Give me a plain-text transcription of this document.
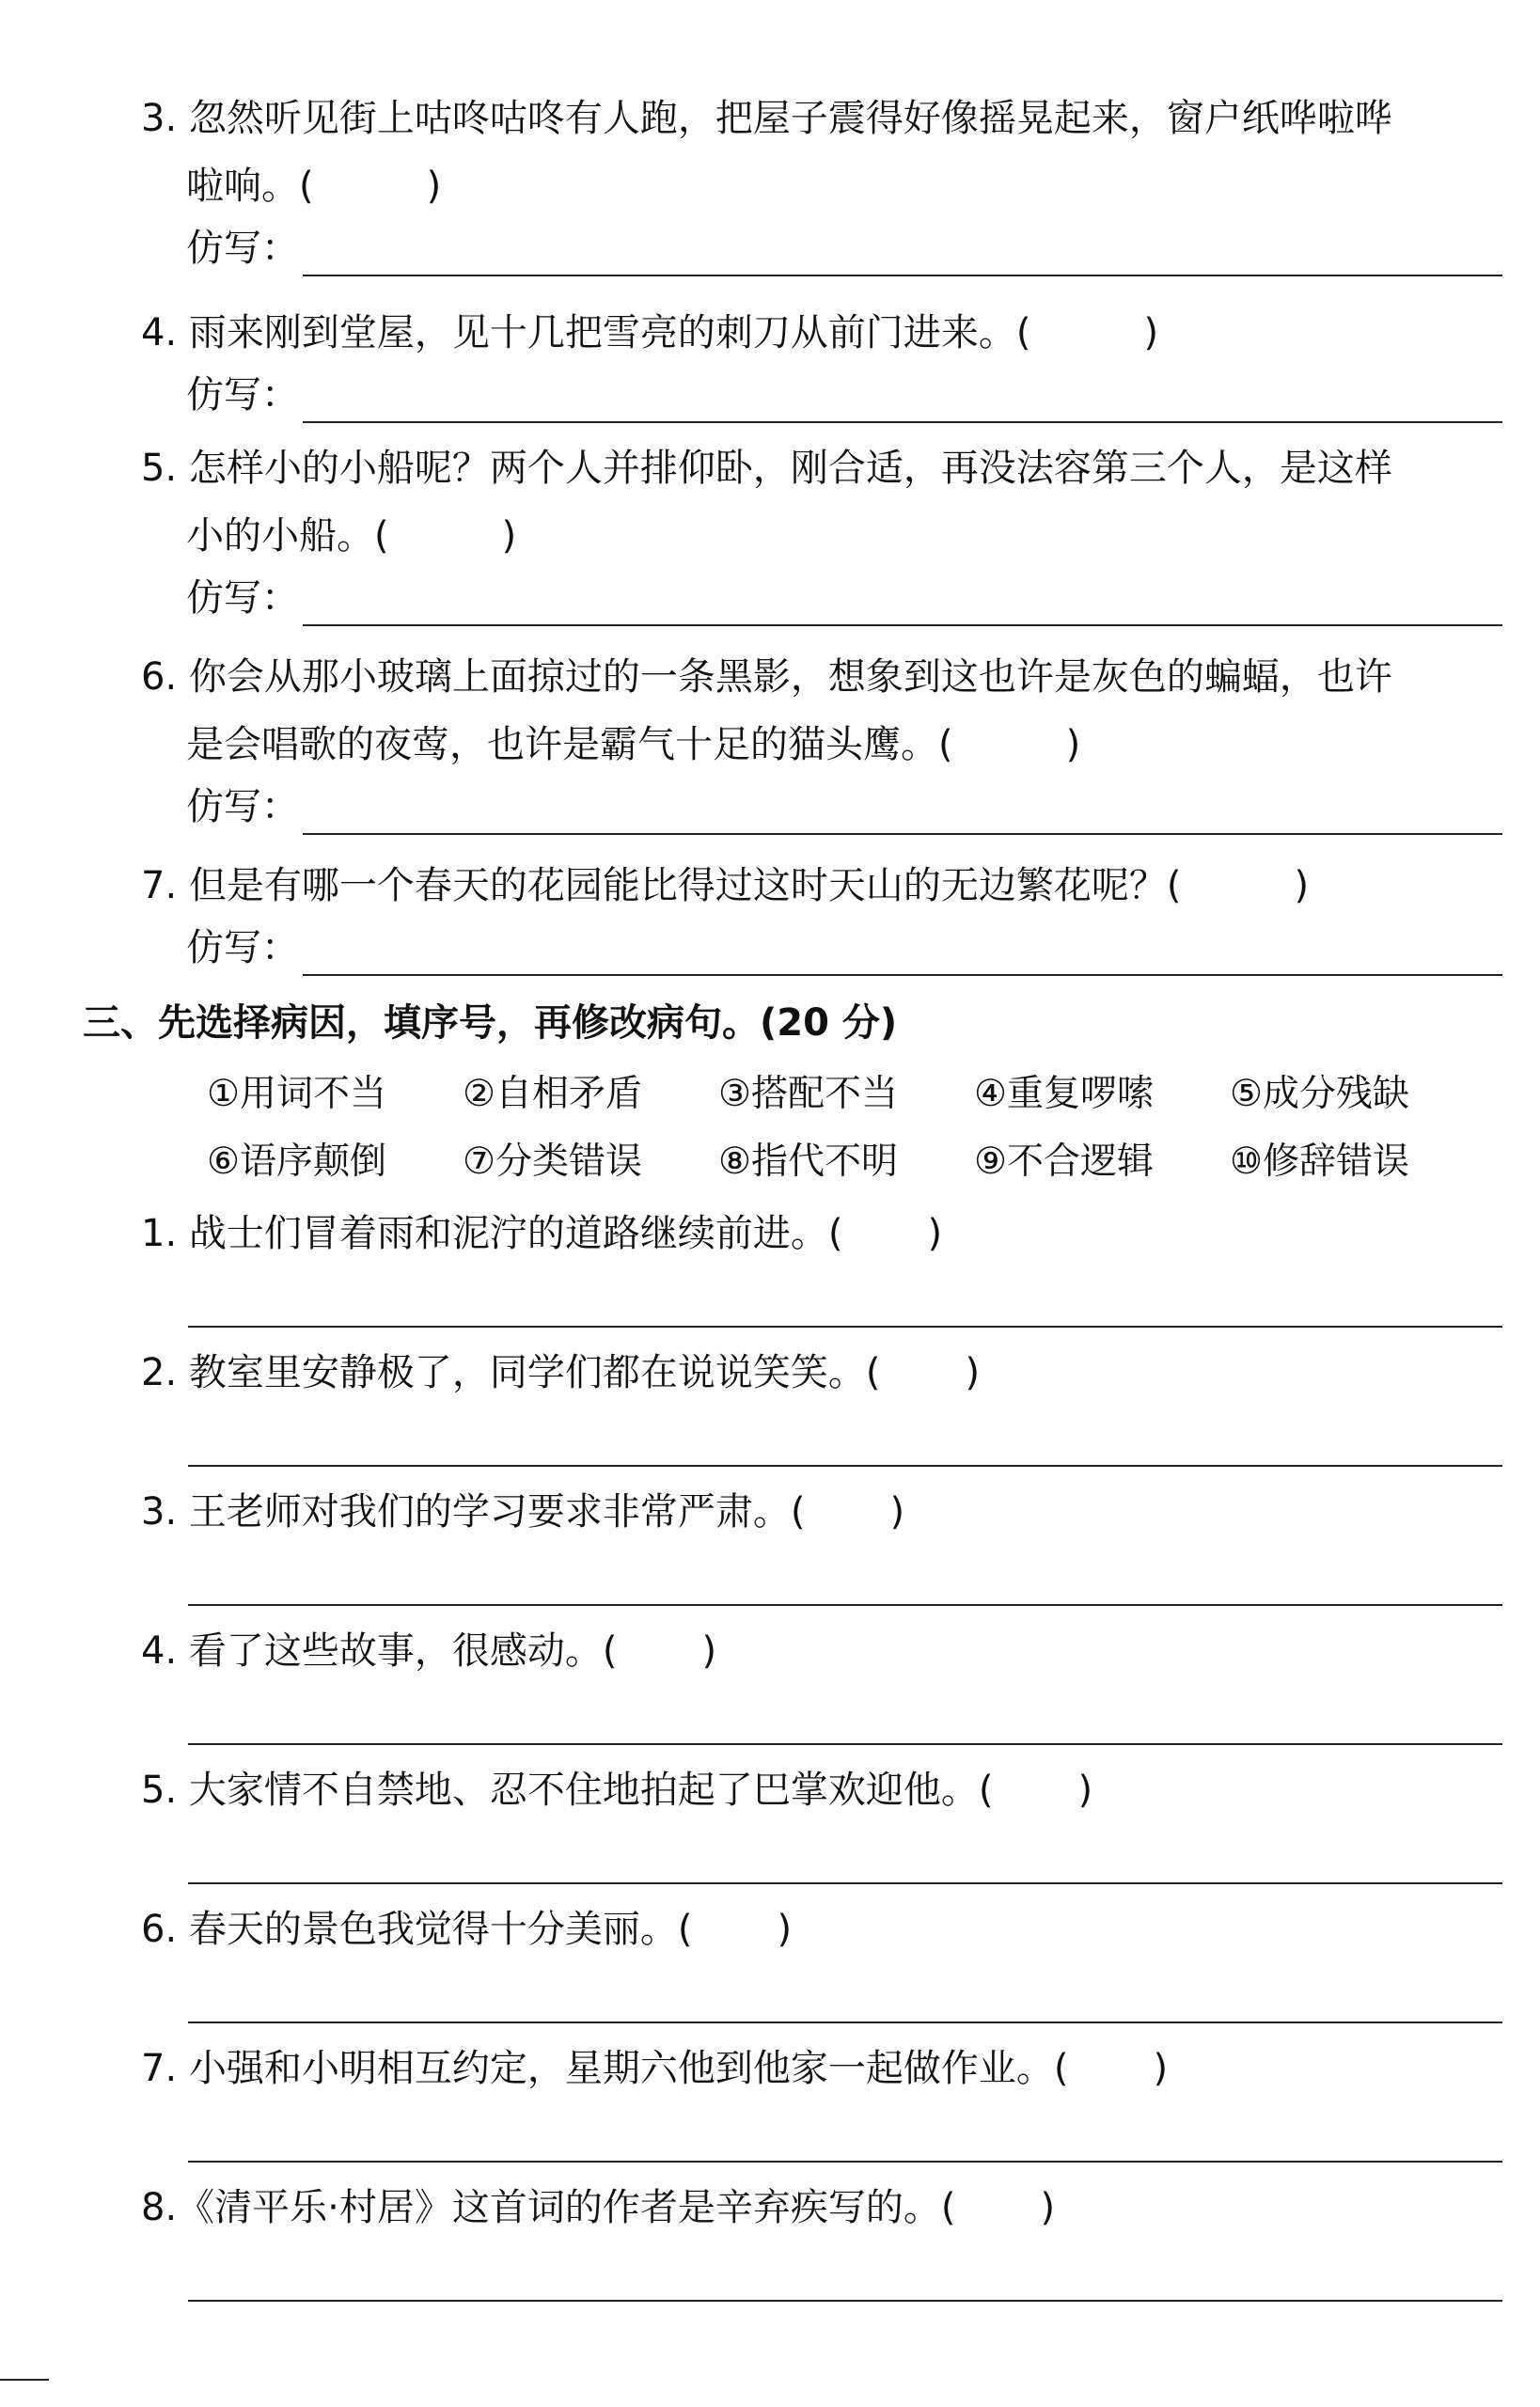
3. 忽然听见街上咕咚咕咚有人跑，把屋子震得好像摇晃起来，窗户纸哗啦哗
啦响。(	)
仿写：
4. 雨来刚到堂屋，见十几把雪亮的刺刀从前门进来。(	)
仿写：
5. 怎样小的小船呢？两个人并排仰卧，刚合适，再没法容第三个人，是这样
小的小船。(	)
仿写：
6. 你会从那小玻璃上面掠过的一条黑影，想象到这也许是灰色的蝙蝠，也许
是会唱歌的夜莺，也许是霸气十足的猫头鹰。(	)
仿写：
7. 但是有哪一个春天的花园能比得过这时天山的无边繁花呢？(	)
仿写：
三、先选择病因，填序号，再修改病句。(20 分)
①用词不当 ②自相矛盾 ③搭配不当 ④重复啰嗦 ⑤成分残缺
⑥语序颠倒 ⑦分类错误 ⑧指代不明 ⑨不合逻辑 ⑩修辞错误
1. 战士们冒着雨和泥泞的道路继续前进。( )
2. 教室里安静极了，同学们都在说说笑笑。( )
3. 王老师对我们的学习要求非常严肃。( )
4. 看了这些故事，很感动。( )
5. 大家情不自禁地、忍不住地拍起了巴掌欢迎他。( )
6. 春天的景色我觉得十分美丽。( )
7. 小强和小明相互约定，星期六他到他家一起做作业。( )
8.《清平乐·村居》这首词的作者是辛弃疾写的。( )
